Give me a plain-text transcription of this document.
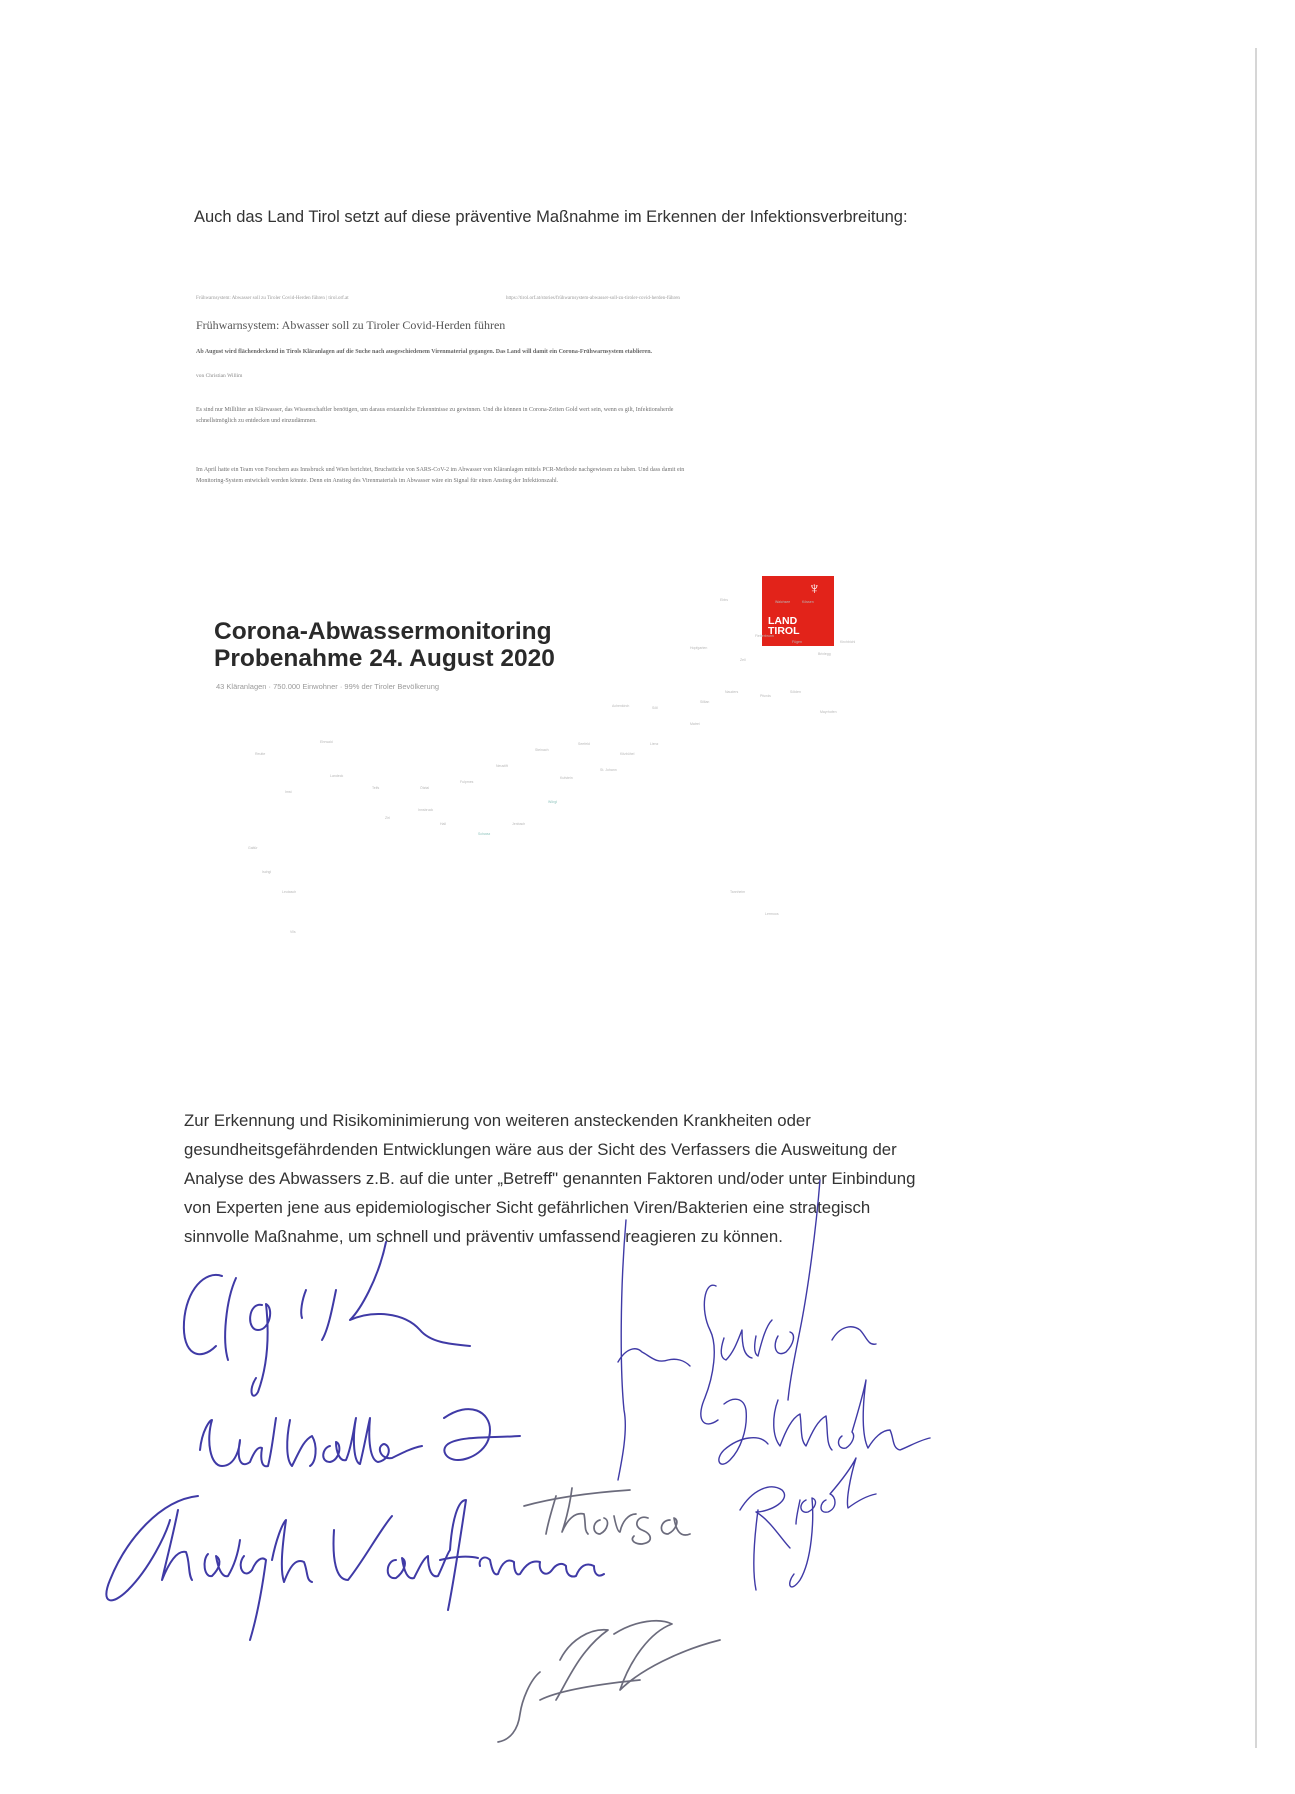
Auch das Land Tirol setzt auf diese präventive Maßnahme im Erkennen der Infektionsverbreitung:
Frühwarnsystem: Abwasser soll zu Tiroler Covid-Herden führen | tirol.orf.at	https://tirol.orf.at/stories/frühwarnsystem-abwasser-soll-zu-tiroler-covid-herden-führen
Frühwarnsystem: Abwasser soll zu Tiroler Covid-Herden führen
Ab August wird flächendeckend in Tirols Kläranlagen auf die Suche nach ausgeschiedenem Virenmaterial gegangen. Das Land will damit ein Corona-Frühwarnsystem etablieren.
von Christian Willim
Es sind nur Milliliter an Klärwasser, das Wissenschaftler benötigen, um daraus erstaunliche Erkenntnisse zu gewinnen. Und die können in Corona-Zeiten Gold wert sein, wenn es gilt, Infektionsherde schnellstmöglich zu entdecken und einzudämmen.
Im April hatte ein Team von Forschern aus Innsbruck und Wien berichtet, Bruchstücke von SARS-CoV-2 im Abwasser von Kläranlagen mittels PCR-Methode nachgewiesen zu haben. Und dass damit ein Monitoring-System entwickelt werden könnte. Denn ein Anstieg des Virenmaterials im Abwasser wäre ein Signal für einen Anstieg der Infektionszahl.
♆
LAND
TIROL
Corona-Abwassermonitoring
Probenahme 24. August 2020
43 Kläranlagen · 750.000 Einwohner · 99% der Tiroler Bevölkerung
Reutte
Ehrwald
Imst
Landeck
Telfs
Zirl
Innsbruck
Hall
Schwaz
Jenbach
Wörgl
Kufstein
St. Johann
Kitzbühel
Lienz
Matrei
Sillian
Nauders
Pfunds
Sölden
Mayrhofen
Zell
Fügen
Brixlegg
Kirchbichl
Ebbs	Walchsee	Kössen
Fieberbrunn
Hopfgarten
Söll
Achenkirch
Seefeld
Steinach
Neustift
Fulpmes
Ötztal
Ischgl
Galtür
Leutasch
Vils
Tannheim
Lermoos
Zur Erkennung und Risikominimierung von weiteren ansteckenden Krankheiten oder
gesundheitsgefährdenden Entwicklungen wäre aus der Sicht des Verfassers die Ausweitung der
Analyse des Abwassers z.B. auf die unter „Betreff" genannten Faktoren und/oder unter Einbindung
von Experten jene aus epidemiologischer Sicht gefährlichen Viren/Bakterien eine strategisch
sinnvolle Maßnahme, um schnell und präventiv umfassend reagieren zu können.
